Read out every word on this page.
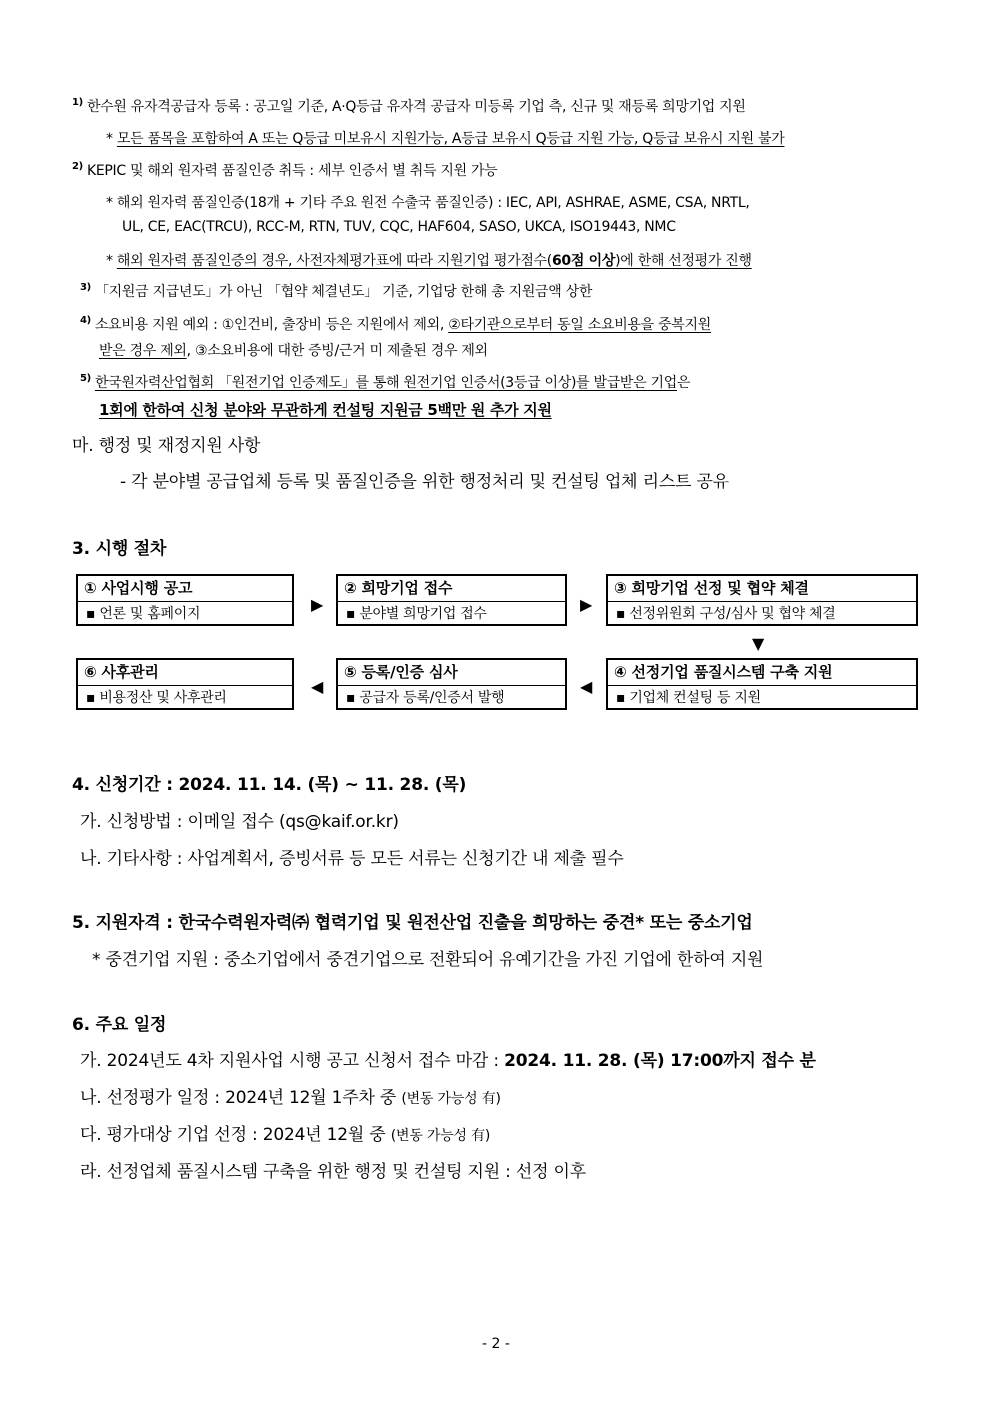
$^{1)}$ 한수원 유자격공급자 등록 : 공고일 기준, A·Q등급 유자격 공급자 미등록 기업 측, 신규 및 재등록 희망기업 지원
* 모든 품목을 포함하여 A 또는 Q등급 미보유시 지원가능, A등급 보유시 Q등급 지원 가능, Q등급 보유시 지원 불가
$^{2)}$ KEPIC 및 해외 원자력 품질인증 취득 : 세부 인증서 별 취득 지원 가능
* 해외 원자력 품질인증(18개 + 기타 주요 원전 수출국 품질인증) : IEC, API, ASHRAE, ASME, CSA, NRTL,
UL, CE, EAC(TRCU), RCC-M, RTN, TUV, CQC, HAF604, SASO, UKCA, ISO19443, NMC
* 해외 원자력 품질인증의 경우, 사전자체평가표에 따라 지원기업 평가점수(60점 이상)에 한해 선정평가 진행
$^{3)}$ 「지원금 지급년도」가 아닌 「협약 체결년도」 기준, 기업당 한해 총 지원금액 상한
$^{4)}$ 소요비용 지원 예외 : ①인건비, 출장비 등은 지원에서 제외, ②타기관으로부터 동일 소요비용을 중복지원
받은 경우 제외, ③소요비용에 대한 증빙/근거 미 제출된 경우 제외
$^{5)}$ 한국원자력산업협회 「원전기업 인증제도」를 통해 원전기업 인증서(3등급 이상)를 발급받은 기업은
1회에 한하여 신청 분야와 무관하게 컨설팅 지원금 5백만 원 추가 지원
마. 행정 및 재정지원 사항
- 각 분야별 공급업체 등록 및 품질인증을 위한 행정처리 및 컨설팅 업체 리스트 공유
3. 시행 절차
① 사업시행 공고
▪ 언론 및 홈페이지	▶
② 희망기업 접수
▪ 분야별 희망기업 접수	▶
③ 희망기업 선정 및 협약 체결
▪ 선정위원회 구성/심사 및 협약 체결
▼
⑥ 사후관리
▪ 비용정산 및 사후관리
◀
⑤ 등록/인증 심사
▪ 공급자 등록/인증서 발행
◀
④ 선정기업 품질시스템 구축 지원
▪ 기업체 컨설팅 등 지원
4. 신청기간 : 2024. 11. 14. (목) ~ 11. 28. (목)
가. 신청방법 : 이메일 접수 (qs@kaif.or.kr)
나. 기타사항 : 사업계획서, 증빙서류 등 모든 서류는 신청기간 내 제출 필수
5. 지원자격 : 한국수력원자력㈜ 협력기업 및 원전산업 진출을 희망하는 중견* 또는 중소기업
* 중견기업 지원 : 중소기업에서 중견기업으로 전환되어 유예기간을 가진 기업에 한하여 지원
6. 주요 일정
가. 2024년도 4차 지원사업 시행 공고 신청서 접수 마감 : 2024. 11. 28. (목) 17:00까지 접수 분
나. 선정평가 일정 : 2024년 12월 1주차 중 (변동 가능성 有)
다. 평가대상 기업 선정 : 2024년 12월 중 (변동 가능성 有)
라. 선정업체 품질시스템 구축을 위한 행정 및 컨설팅 지원 : 선정 이후
- 2 -
